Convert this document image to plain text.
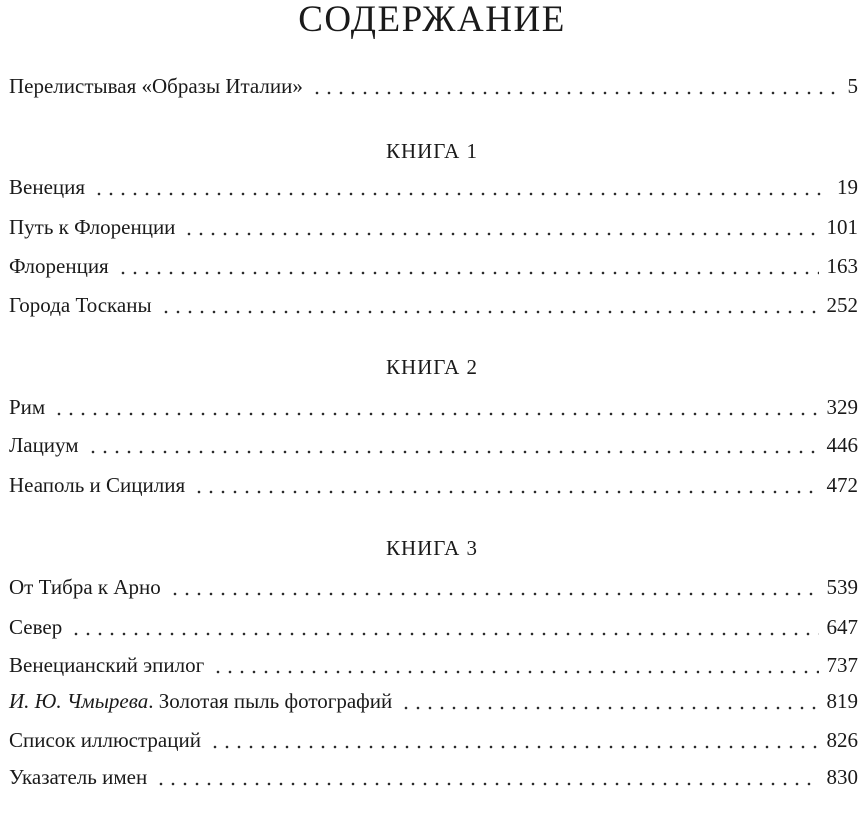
СОДЕРЖАНИЕ
Перелистывая «Образы Италии»	5
КНИГА 1
Венеция	19
Путь к Флоренции	101
Флоренция	163
Города Тосканы	252
КНИГА 2
Рим	329
Лациум	446
Неаполь и Сицилия	472
КНИГА 3
От Тибра к Арно	539
Север	647
Венецианский эпилог	737
И. Ю. Чмырева. Золотая пыль фотографий	819
Список иллюстраций	826
Указатель имен	830
